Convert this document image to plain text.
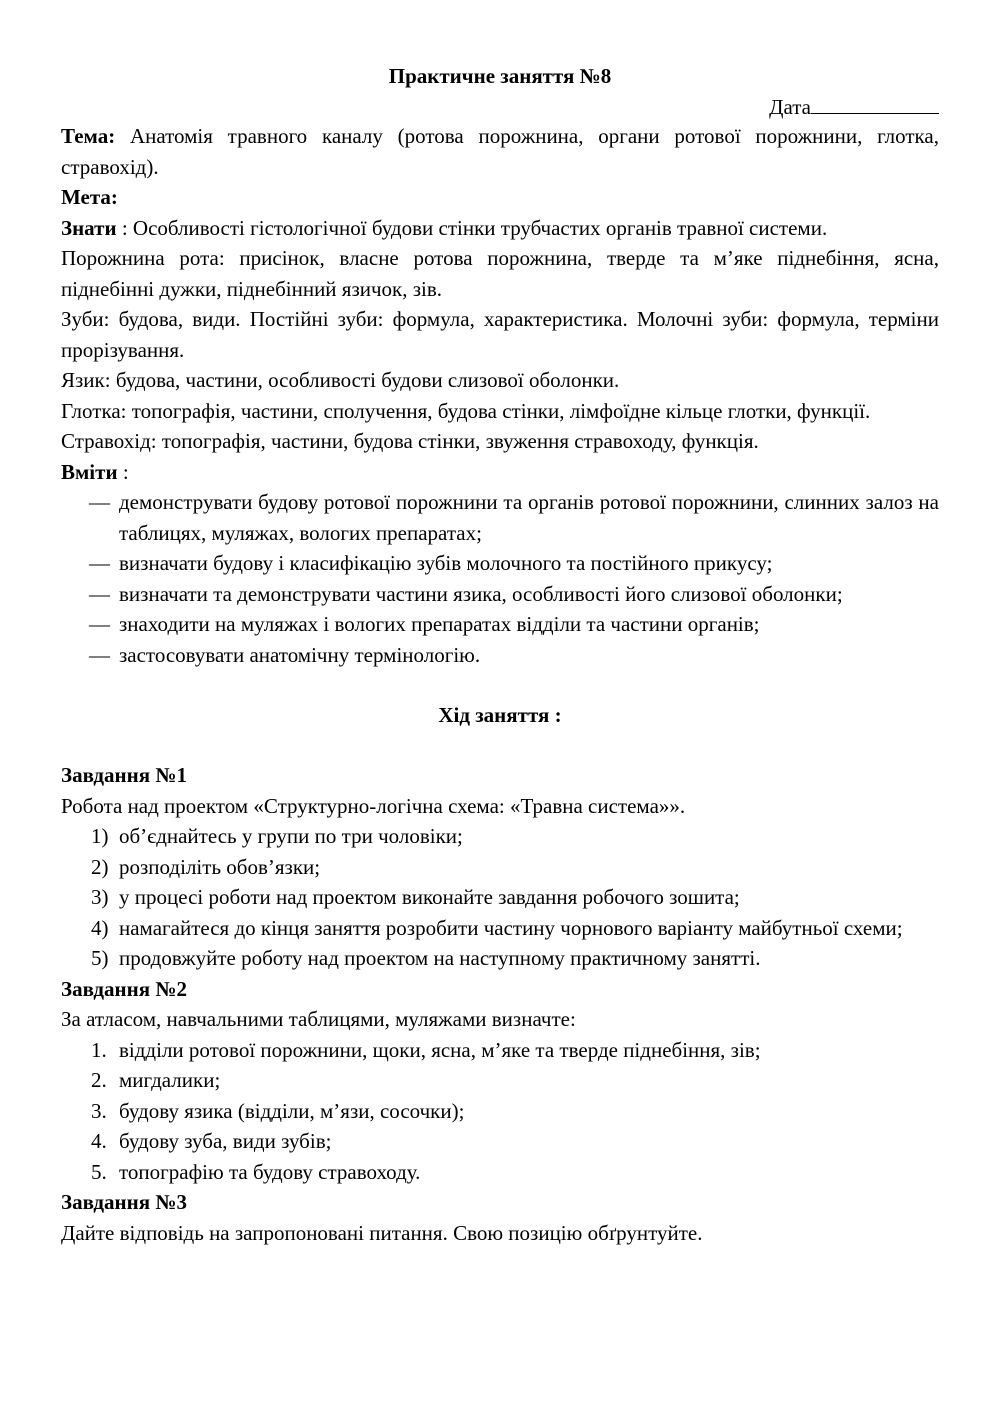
Практичне заняття №8
Дата
Тема: Анатомія травного каналу (ротова порожнина, органи ротової порожнини, глотка, стравохід).
Мета:
Знати : Особливості гістологічної будови стінки трубчастих органів травної системи.
Порожнина рота: присінок, власне ротова порожнина, тверде та м’яке піднебіння, ясна, піднебінні дужки, піднебінний язичок, зів.
Зуби: будова, види. Постійні зуби: формула, характеристика. Молочні зуби: формула, терміни прорізування.
Язик: будова, частини, особливості будови слизової оболонки.
Глотка: топографія, частини, сполучення, будова стінки, лімфоїдне кільце глотки, функції.
Стравохід: топографія, частини, будова стінки, звуження стравоходу, функція.
Вміти :
— демонструвати будову ротової порожнини та органів ротової порожнини, слинних залоз на таблицях, муляжах, вологих препаратах;
— визначати будову і класифікацію зубів молочного та постійного прикусу;
— визначати та демонструвати частини язика, особливості його слизової оболонки;
— знаходити на муляжах і вологих препаратах відділи та частини органів;
— застосовувати анатомічну термінологію.
Хід заняття :
Завдання №1
Робота над проектом «Структурно-логічна схема: «Травна система»».
1) об’єднайтесь у групи по три чоловіки;
2) розподіліть обов’язки;
3) у процесі роботи над проектом виконайте завдання робочого зошита;
4) намагайтеся до кінця заняття розробити частину чорнового варіанту майбутньої схеми;
5) продовжуйте роботу над проектом на наступному практичному занятті.
Завдання №2
За атласом, навчальними таблицями, муляжами визначте:
1. відділи ротової порожнини, щоки, ясна, м’яке та тверде піднебіння, зів;
2. мигдалики;
3. будову язика (відділи, м’язи, сосочки);
4. будову зуба, види зубів;
5. топографію та будову стравоходу.
Завдання №3
Дайте відповідь на запропоновані питання. Свою позицію обґрунтуйте.
